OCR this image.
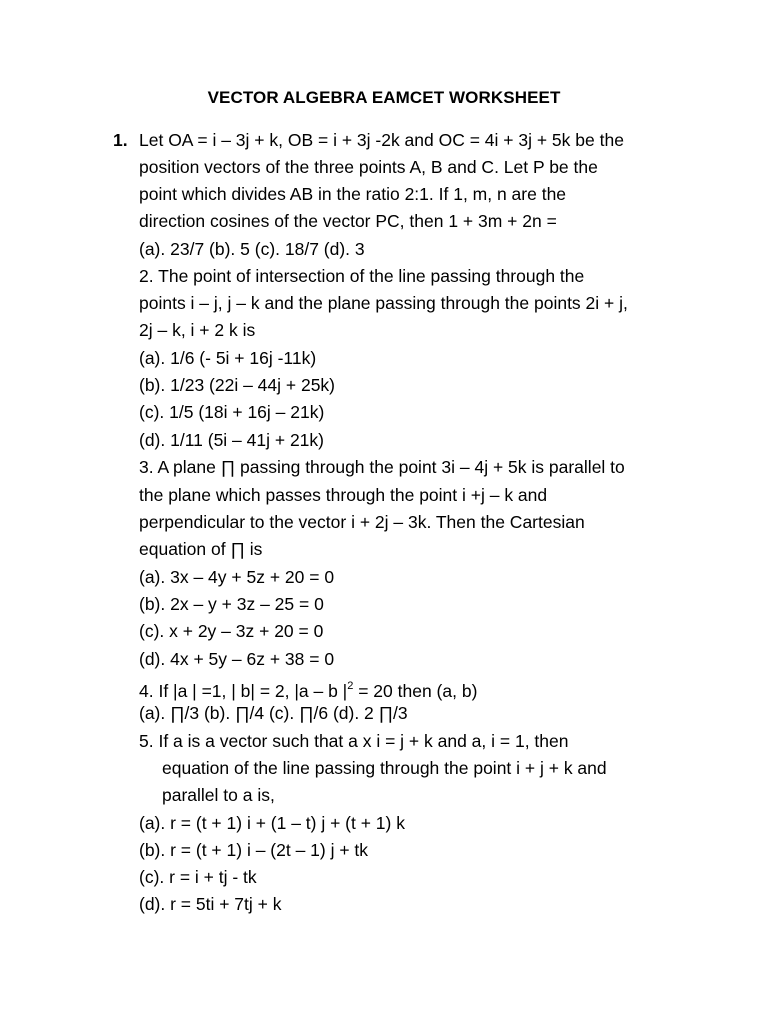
VECTOR ALGEBRA EAMCET WORKSHEET
1. Let OA = i – 3j + k, OB = i + 3j -2k and OC = 4i + 3j + 5k be the
position vectors of the three points A, B and C. Let P be the
point which divides AB in the ratio 2:1. If 1, m, n are the
direction cosines of the vector PC, then 1 + 3m + 2n =
(a). 23/7 (b). 5 (c). 18/7 (d). 3
2. The point of intersection of the line passing through the
points i – j, j – k and the plane passing through the points 2i + j,
2j – k, i + 2 k is
(a). 1/6 (- 5i + 16j -11k)
(b). 1/23 (22i – 44j + 25k)
(c). 1/5 (18i + 16j – 21k)
(d). 1/11 (5i – 41j + 21k)
3. A plane ∏ passing through the point 3i – 4j + 5k is parallel to
the plane which passes through the point i +j – k and
perpendicular to the vector i + 2j – 3k. Then the Cartesian
equation of ∏ is
(a). 3x – 4y + 5z + 20 = 0
(b). 2x – y + 3z – 25 = 0
(c). x + 2y – 3z + 20 = 0
(d). 4x + 5y – 6z + 38 = 0
4. If |a | =1, | b| = 2, |a – b $|^2 = 20$ then (a, b)
(a). ∏/3 (b). ∏/4 (c). ∏/6 (d). 2 ∏/3
5. If a is a vector such that a x i = j + k and a, i = 1, then
equation of the line passing through the point i + j + k and
parallel to a is,
(a). r = (t + 1) i + (1 – t) j + (t + 1) k
(b). r = (t + 1) i – (2t – 1) j + tk
(c). r = i + tj - tk
(d). r = 5ti + 7tj + k
